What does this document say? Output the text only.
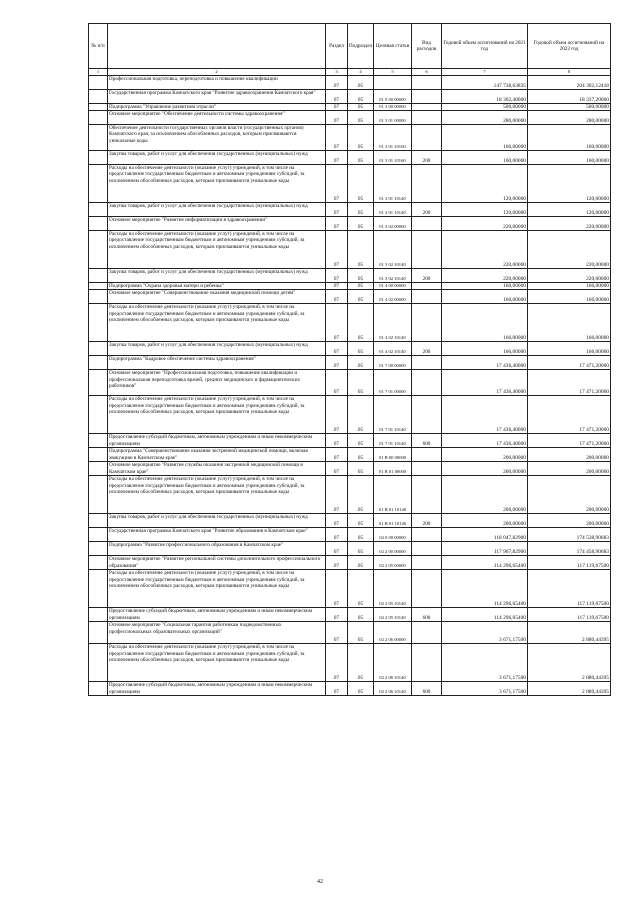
№ п/п		Раздел	Подраздел	Целевая статья	Вид расходов	Годовой объем ассигнований на 2021 год	Годовой объем ассигнований на 2022 год
1	2	3	4	5	6	7	8
	Профессиональная подготовка, переподготовка и повышение квалификации	07	05			147 738,63835	204 302,12418
	Государственная программа Камчатского края "Развитие здравоохранения Камчатского края"	07	05	01 0 00 00000		18 302,40000	18 337,20000
	Подпрограмма "Управление развитием отрасли"	07	05	01 3 00 00000		500,00000	500,00000
	Основное мероприятие "Обеспечение деятельности системы здравоохранения"	07	05	01 3 01 00000		280,00000	280,00000
	Обеспечение деятельности государственных органов власти (государственных органов) Камчатского края, за исключением обособленных расходов, которым присваиваются уникальные коды	07	05	01 3 01 10160		160,00000	160,00000
	Закупка товаров, работ и услуг для обеспечения государственных (муниципальных) нужд	07	05	01 3 01 10160	200	160,00000	160,00000
	Расходы на обеспечение деятельности (оказание услуг) учреждений, в том числе на предоставление государственным бюджетным и автономным учреждениям субсидий, за исключением обособленных расходов, которым присваиваются уникальные коды	07	05	01 3 01 10140		120,00000	120,00000
	Закупка товаров, работ и услуг для обеспечения государственных (муниципальных) нужд	07	05	01 3 01 10140	200	120,00000	120,00000
	Основное мероприятие "Развитие информатизации в здравоохранении"	07	05	01 3 02 00000		220,00000	220,00000
	Расходы на обеспечение деятельности (оказание услуг) учреждений, в том числе на предоставление государственным бюджетным и автономным учреждениям субсидий, за исключением обособленных расходов, которым присваиваются уникальные коды	07	05	01 3 02 10140		220,00000	220,00000
	Закупка товаров, работ и услуг для обеспечения государственных (муниципальных) нужд	07	05	01 3 02 10140	200	220,00000	220,00000
	Подпрограмма "Охрана здоровья матери и ребенка"	07	05	01 4 00 00000		166,00000	166,00000
	Основное мероприятие "Совершенствование оказания медицинской помощи детям"	07	05	01 4 02 00000		166,00000	166,00000
	Расходы на обеспечение деятельности (оказание услуг) учреждений, в том числе на предоставление государственным бюджетным и автономным учреждениям субсидий, за исключением обособленных расходов, которым присваиваются уникальные коды	07	05	01 4 02 10140		166,00000	166,00000
	Закупка товаров, работ и услуг для обеспечения государственных (муниципальных) нужд	07	05	01 4 02 10140	200	166,00000	166,00000
	Подпрограмма "Кадровое обеспечение системы здравоохранения"	07	05	01 7 00 00000		17 436,40000	17 471,20000
	Основное мероприятие "Профессиональная подготовка, повышение квалификации и профессиональная переподготовка врачей, средних медицинских и фармацевтических работников"	07	05	01 7 01 00000		17 436,40000	17 471,20000
	Расходы на обеспечение деятельности (оказание услуг) учреждений, в том числе на предоставление государственным бюджетным и автономным учреждениям субсидий, за исключением обособленных расходов, которым присваиваются уникальные коды	07	05	01 7 01 10140		17 436,40000	17 471,20000
	Предоставление субсидий бюджетным, автономным учреждениям и иным некоммерческим организациям	07	05	01 7 01 10140	600	17 436,40000	17 471,20000
	Подпрограмма "Совершенствование оказания экстренной медицинской помощи, включая эвакуацию в Камчатском крае"	07	05	01 В 00 00000		200,00000	200,00000
	Основное мероприятие "Развитие службы оказания экстренной медицинской помощи в Камчатском крае"	07	05	01 В 01 00000		200,00000	200,00000
	Расходы на обеспечение деятельности (оказание услуг) учреждений, в том числе на предоставление государственным бюджетным и автономным учреждениям субсидий, за исключением обособленных расходов, которым присваиваются уникальные коды	07	05	01 В 01 10140		200,00000	200,00000
	Закупка товаров, работ и услуг для обеспечения государственных (муниципальных) нужд	07	05	01 В 01 10140	200	200,00000	200,00000
	Государственная программа Камчатского края "Развитие образования в Камчатском крае"	07	05	02 0 00 00000		118 047,82900	174 538,90683
	Подпрограмма "Развитие профессионального образования в Камчатском крае"	07	05	02 2 00 00000		117 967,82900	174 458,90683
	Основное мероприятие "Развитие региональной системы дополнительного профессионального образования"	07	05	02 2 05 00000		114 296,65400	117 119,67500
	Расходы на обеспечение деятельности (оказание услуг) учреждений, в том числе на предоставление государственным бюджетным и автономным учреждениям субсидий, за исключением обособленных расходов, которым присваиваются уникальные коды	07	05	02 2 05 10140		114 296,65400	117 119,67500
	Предоставление субсидий бюджетным, автономным учреждениям и иным некоммерческим организациям	07	05	02 2 05 10140	600	114 296,65400	117 119,67500
	Основное мероприятие "Социальная гарантия работникам подведомственных профессиональных образовательных организаций"	07	05	02 2 06 00000		3 671,17500	2 880,44395
	Расходы на обеспечение деятельности (оказание услуг) учреждений, в том числе на предоставление государственным бюджетным и автономным учреждениям субсидий, за исключением обособленных расходов, которым присваиваются уникальные коды	07	05	02 2 06 10140		3 671,17500	2 880,44395
	Предоставление субсидий бюджетным, автономным учреждениям и иным некоммерческим организациям	07	05	02 2 06 10140	600	3 671,17500	2 880,44395
42
